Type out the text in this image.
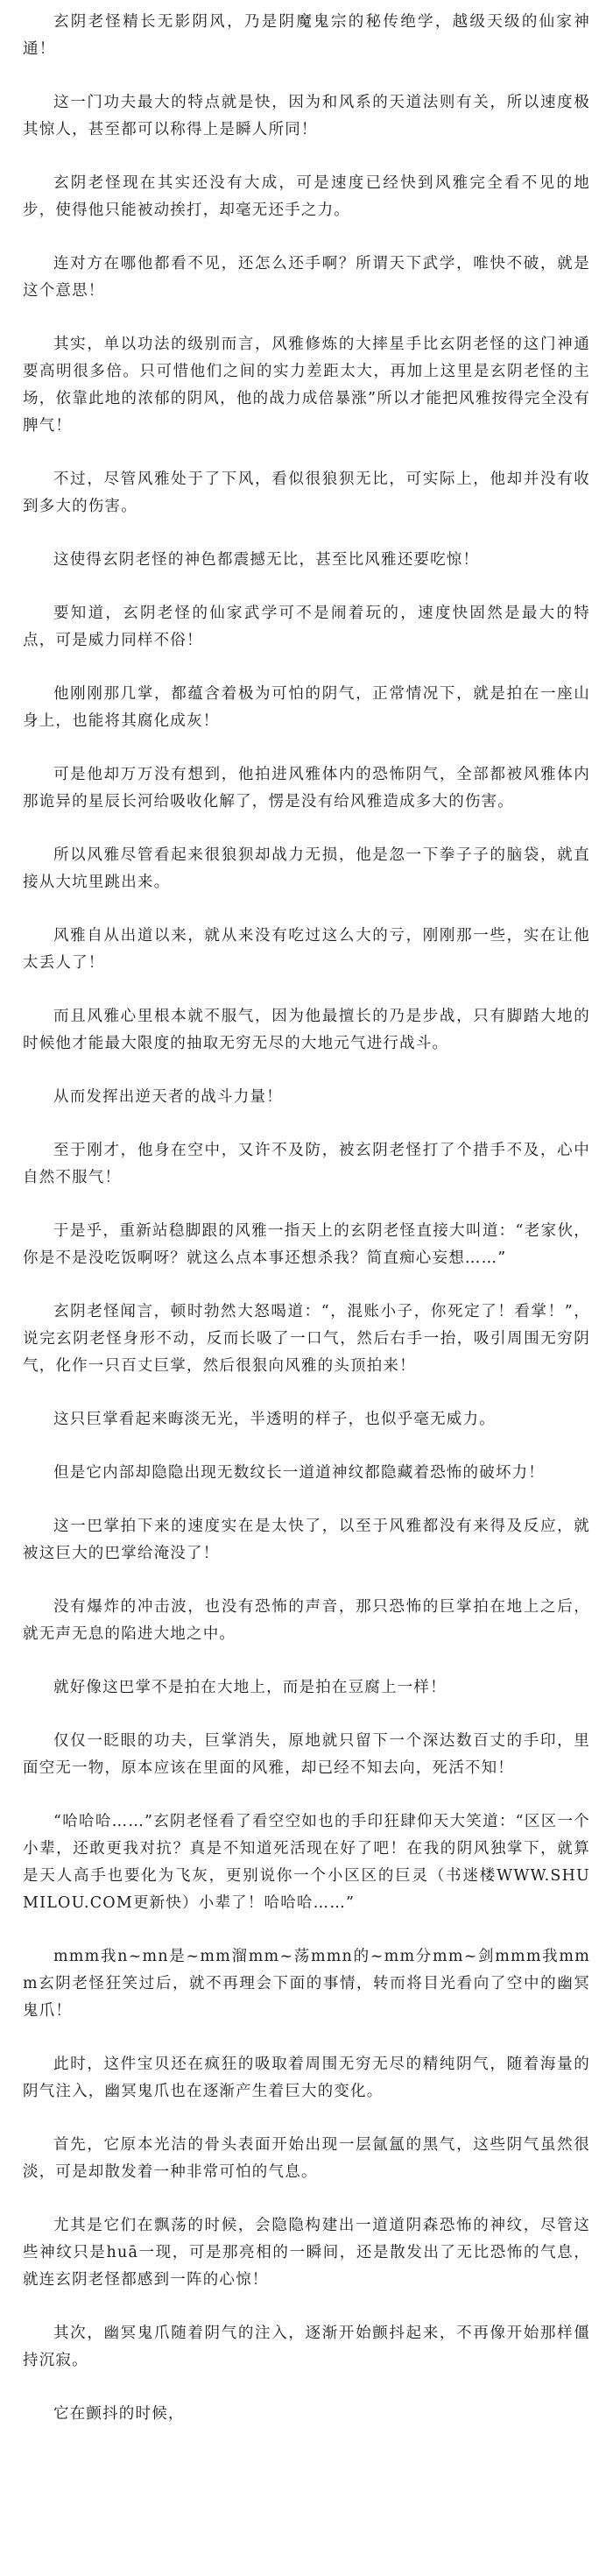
玄阴老怪精长无影阴风，乃是阴魔鬼宗的秘传绝学，越级天级的仙家神通！

这一门功夫最大的特点就是快，因为和风系的天道法则有关，所以速度极其惊人，甚至都可以称得上是瞬人所同！

玄阴老怪现在其实还没有大成，可是速度已经快到风雅完全看不见的地步，使得他只能被动挨打，却毫无还手之力。

连对方在哪他都看不见，还怎么还手啊？所谓天下武学，唯快不破，就是这个意思！

其实，单以功法的级别而言，风雅修炼的大摔星手比玄阴老怪的这门神通要高明很多倍。只可惜他们之间的实力差距太大，再加上这里是玄阴老怪的主场，依靠此地的浓郁的阴风，他的战力成倍暴涨”所以才能把风雅按得完全没有脾气！

不过，尽管风雅处于了下风，看似很狼狈无比，可实际上，他却并没有收到多大的伤害。

这使得玄阴老怪的神色都震撼无比，甚至比风雅还要吃惊！

要知道，玄阴老怪的仙家武学可不是闹着玩的，速度快固然是最大的特点，可是威力同样不俗！

他刚刚那几掌，都蕴含着极为可怕的阴气，正常情况下，就是拍在一座山身上，也能将其腐化成灰！

可是他却万万没有想到，他拍进风雅体内的恐怖阴气，全部都被风雅体内那诡异的星辰长河给吸收化解了，愣是没有给风雅造成多大的伤害。

所以风雅尽管看起来很狼狈却战力无损，他是忽一下拳子子的脑袋，就直接从大坑里跳出来。

风雅自从出道以来，就从来没有吃过这么大的亏，刚刚那一些，实在让他太丢人了！

而且风雅心里根本就不服气，因为他最擅长的乃是步战，只有脚踏大地的时候他才能最大限度的抽取无穷无尽的大地元气进行战斗。

从而发挥出逆天者的战斗力量！

至于刚才，他身在空中，又许不及防，被玄阴老怪打了个措手不及，心中自然不服气！

于是乎，重新站稳脚跟的风雅一指天上的玄阴老怪直接大叫道：“老家伙，你是不是没吃饭啊呀？就这么点本事还想杀我？简直痴心妄想……”

玄阴老怪闻言，顿时勃然大怒喝道：“，混账小子，你死定了！看掌！”，说完玄阴老怪身形不动，反而长吸了一口气，然后右手一抬，吸引周围无穷阴气，化作一只百丈巨掌，然后很狠向风雅的头顶拍来！

这只巨掌看起来晦淡无光，半透明的样子，也似乎毫无威力。

但是它内部却隐隐出现无数纹长一道道神纹都隐藏着恐怖的破坏力！

这一巴掌拍下来的速度实在是太快了，以至于风雅都没有来得及反应，就被这巨大的巴掌给淹没了！

没有爆炸的冲击波，也没有恐怖的声音，那只恐怖的巨掌拍在地上之后，就无声无息的陷进大地之中。

就好像这巴掌不是拍在大地上，而是拍在豆腐上一样！

仅仅一眨眼的功夫，巨掌消失，原地就只留下一个深达数百丈的手印，里面空无一物，原本应该在里面的风雅，却已经不知去向，死活不知！

“哈哈哈……”玄阴老怪看了看空空如也的手印狂肆仰天大笑道：“区区一个小辈，还敢更我对抗？真是不知道死活现在好了吧！在我的阴风独掌下，就算是天人高手也要化为飞灰，更别说你一个小区区的巨灵（书迷楼WWW.SHUMILOU.COM更新快）小辈了！哈哈哈……”

mmm我n~mn是~mm溜mm~荡mmn的~mm分mm~剑mmm我mmm玄阴老怪狂笑过后，就不再理会下面的事情，转而将目光看向了空中的幽冥鬼爪！

此时，这件宝贝还在疯狂的吸取着周围无穷无尽的精纯阴气，随着海量的阴气注入，幽冥鬼爪也在逐渐产生着巨大的变化。

首先，它原本光洁的骨头表面开始出现一层氤氲的黑气，这些阴气虽然很淡，可是却散发着一种非常可怕的气息。

尤其是它们在飘荡的时候，会隐隐构建出一道道阴森恐怖的神纹，尽管这些神纹只是huā一现，可是那亮相的一瞬间，还是散发出了无比恐怖的气息，就连玄阴老怪都感到一阵的心惊！

其次，幽冥鬼爪随着阴气的注入，逐渐开始颤抖起来，不再像开始那样僵持沉寂。

它在颤抖的时候，
